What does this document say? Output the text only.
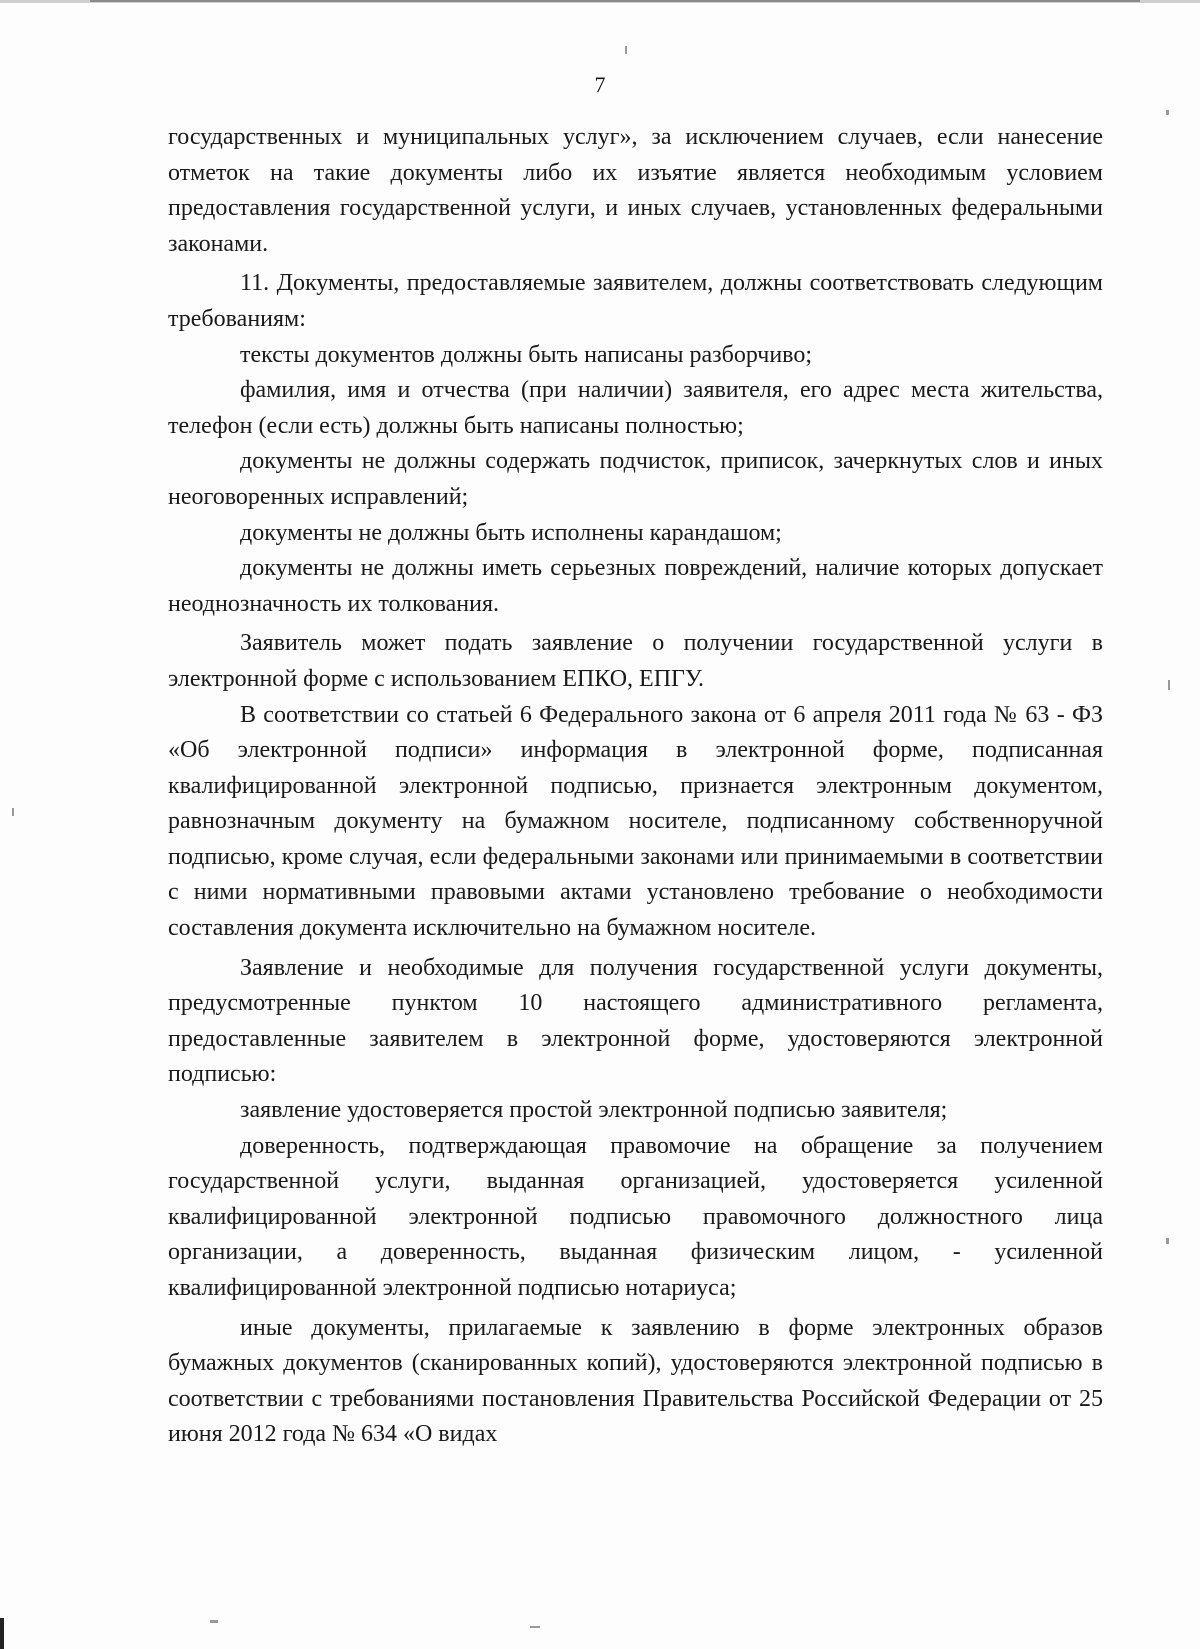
7

государственных и муниципальных услуг», за исключением случаев, если нанесение отметок на такие документы либо их изъятие является необходимым условием предоставления государственной услуги, и иных случаев, установленных федеральными законами.

11. Документы, предоставляемые заявителем, должны соответствовать следующим требованиям:

тексты документов должны быть написаны разборчиво;

фамилия, имя и отчества (при наличии) заявителя, его адрес места жительства, телефон (если есть) должны быть написаны полностью;

документы не должны содержать подчисток, приписок, зачеркнутых слов и иных неоговоренных исправлений;

документы не должны быть исполнены карандашом;

документы не должны иметь серьезных повреждений, наличие которых допускает неоднозначность их толкования.

Заявитель может подать заявление о получении государственной услуги в электронной форме с использованием ЕПКО, ЕПГУ.

В соответствии со статьей 6 Федерального закона от 6 апреля 2011 года № 63 - ФЗ «Об электронной подписи» информация в электронной форме, подписанная квалифицированной электронной подписью, признается электронным документом, равнозначным документу на бумажном носителе, подписанному собственноручной подписью, кроме случая, если федеральными законами или принимаемыми в соответствии с ними нормативными правовыми актами установлено требование о необходимости составления документа исключительно на бумажном носителе.

Заявление и необходимые для получения государственной услуги документы, предусмотренные пунктом 10 настоящего административного регламента, предоставленные заявителем в электронной форме, удостоверяются электронной подписью:

заявление удостоверяется простой электронной подписью заявителя;

доверенность, подтверждающая правомочие на обращение за получением государственной услуги, выданная организацией, удостоверяется усиленной квалифицированной электронной подписью правомочного должностного лица организации, а доверенность, выданная физическим лицом, - усиленной квалифицированной электронной подписью нотариуса;

иные документы, прилагаемые к заявлению в форме электронных образов бумажных документов (сканированных копий), удостоверяются электронной подписью в соответствии с требованиями постановления Правительства Российской Федерации от 25 июня 2012 года № 634 «О видах
